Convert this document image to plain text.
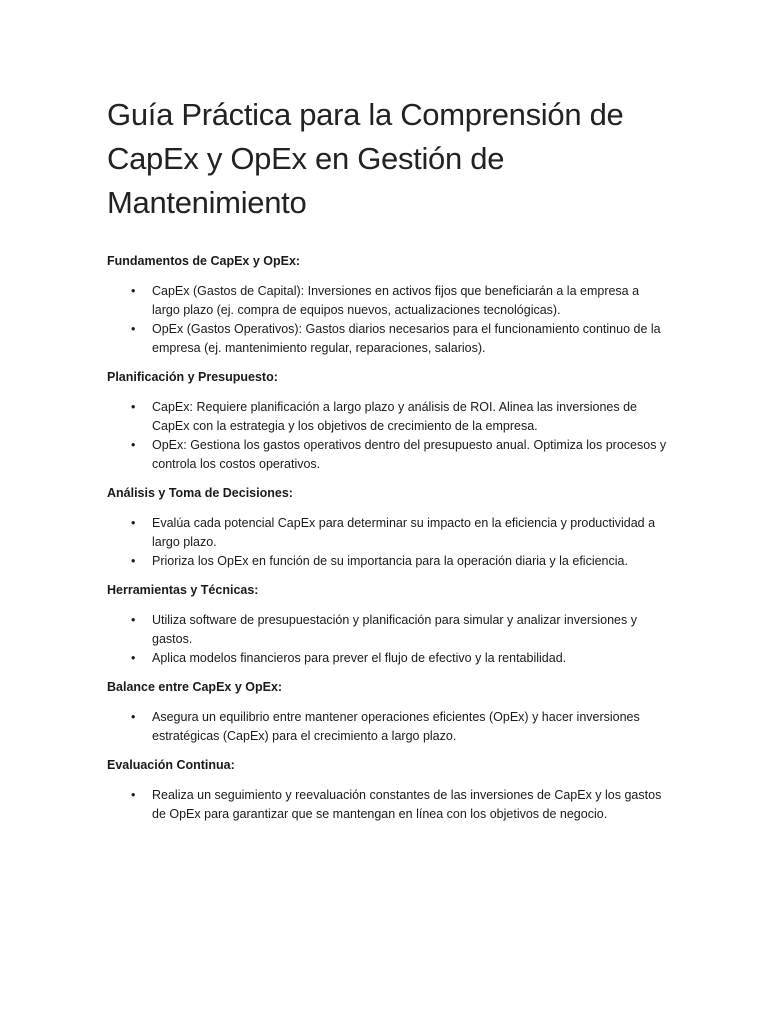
Guía Práctica para la Comprensión de CapEx y OpEx en Gestión de Mantenimiento
Fundamentos de CapEx y OpEx:
• CapEx (Gastos de Capital): Inversiones en activos fijos que beneficiarán a la empresa a largo plazo (ej. compra de equipos nuevos, actualizaciones tecnológicas).
• OpEx (Gastos Operativos): Gastos diarios necesarios para el funcionamiento continuo de la empresa (ej. mantenimiento regular, reparaciones, salarios).
Planificación y Presupuesto:
• CapEx: Requiere planificación a largo plazo y análisis de ROI. Alinea las inversiones de CapEx con la estrategia y los objetivos de crecimiento de la empresa.
• OpEx: Gestiona los gastos operativos dentro del presupuesto anual. Optimiza los procesos y controla los costos operativos.
Análisis y Toma de Decisiones:
• Evalúa cada potencial CapEx para determinar su impacto en la eficiencia y productividad a largo plazo.
• Prioriza los OpEx en función de su importancia para la operación diaria y la eficiencia.
Herramientas y Técnicas:
• Utiliza software de presupuestación y planificación para simular y analizar inversiones y gastos.
• Aplica modelos financieros para prever el flujo de efectivo y la rentabilidad.
Balance entre CapEx y OpEx:
• Asegura un equilibrio entre mantener operaciones eficientes (OpEx) y hacer inversiones estratégicas (CapEx) para el crecimiento a largo plazo.
Evaluación Continua:
• Realiza un seguimiento y reevaluación constantes de las inversiones de CapEx y los gastos de OpEx para garantizar que se mantengan en línea con los objetivos de negocio.
